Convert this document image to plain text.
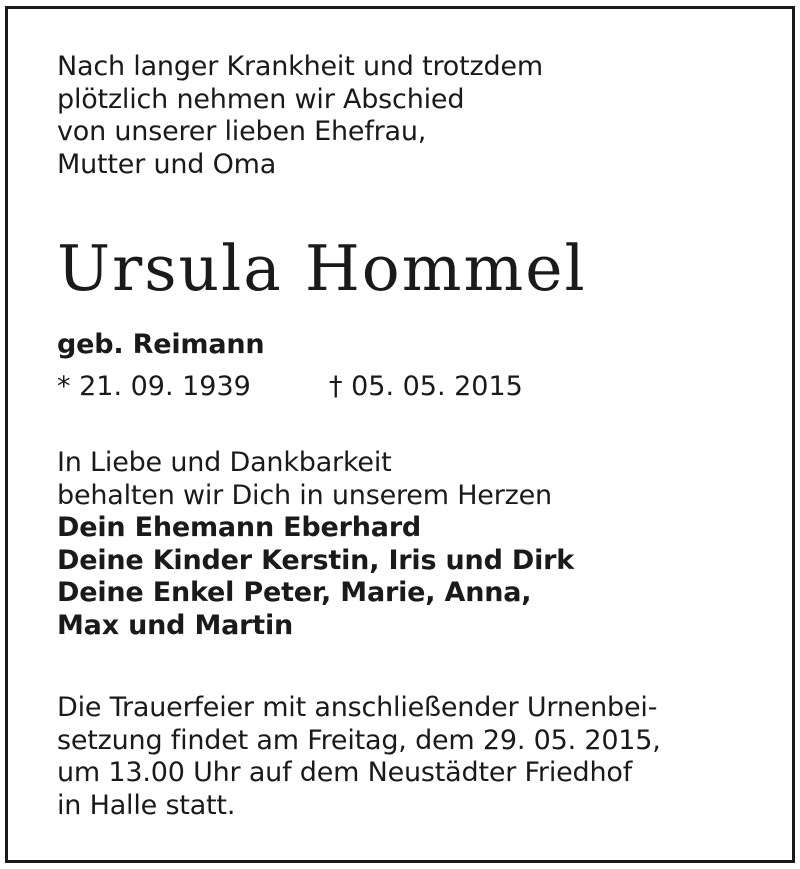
Nach langer Krankheit und trotzdem
plötzlich nehmen wir Abschied
von unserer lieben Ehefrau,
Mutter und Oma
Ursula Hommel
geb. Reimann
* 21. 09. 1939	† 05. 05. 2015
In Liebe und Dankbarkeit
behalten wir Dich in unserem Herzen
Dein Ehemann Eberhard
Deine Kinder Kerstin, Iris und Dirk
Deine Enkel Peter, Marie, Anna,
Max und Martin
Die Trauerfeier mit anschließender Urnenbei-
setzung findet am Freitag, dem 29. 05. 2015,
um 13.00 Uhr auf dem Neustädter Friedhof
in Halle statt.
